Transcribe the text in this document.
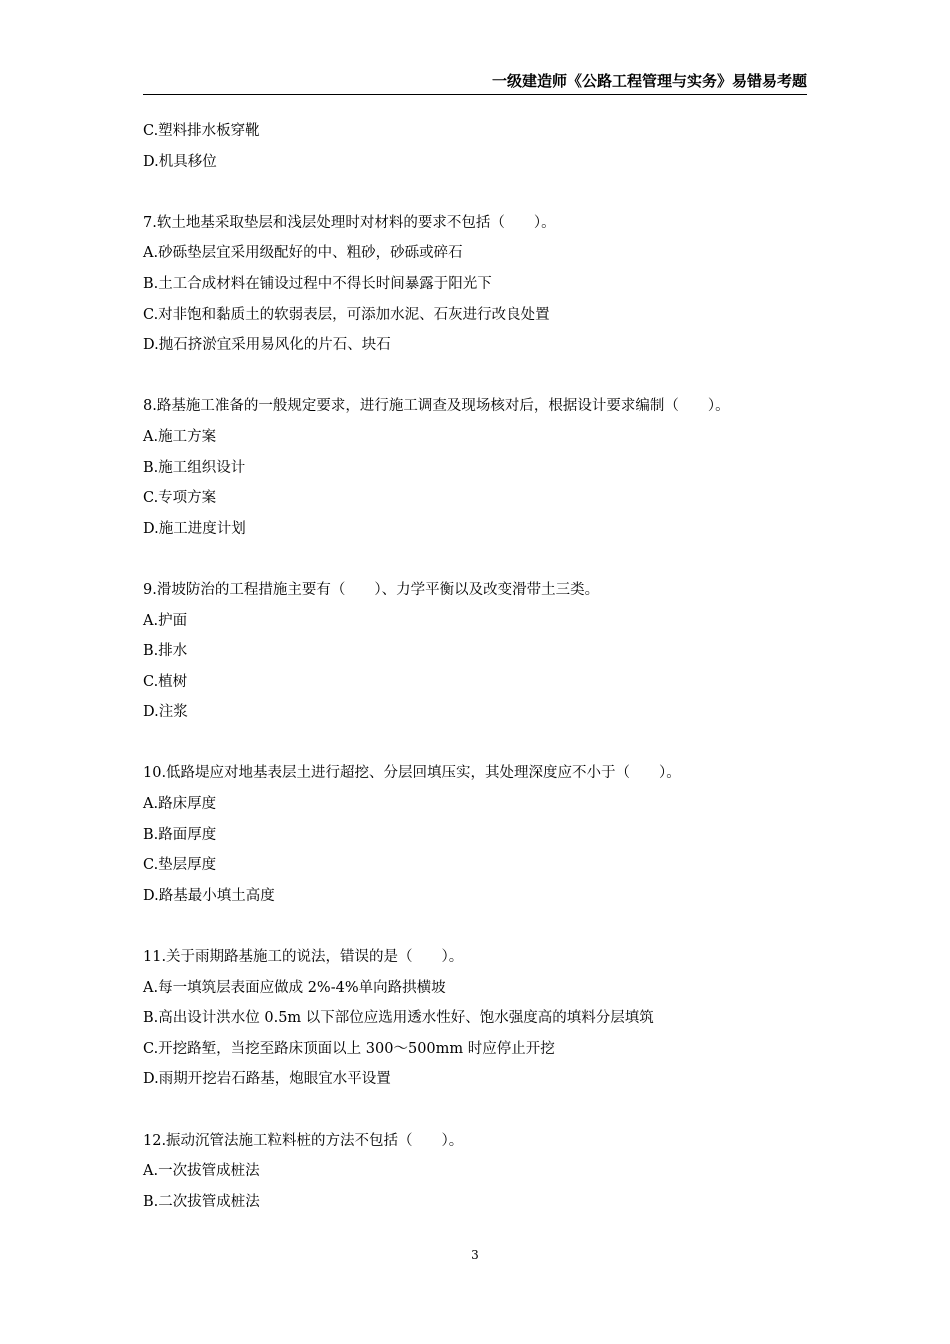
一级建造师《公路工程管理与实务》易错易考题
C.塑料排水板穿靴
D.机具移位
7.软土地基采取垫层和浅层处理时对材料的要求不包括（　　）。
A.砂砾垫层宜采用级配好的中、粗砂，砂砾或碎石
B.土工合成材料在铺设过程中不得长时间暴露于阳光下
C.对非饱和黏质土的软弱表层，可添加水泥、石灰进行改良处置
D.抛石挤淤宜采用易风化的片石、块石
8.路基施工准备的一般规定要求，进行施工调查及现场核对后，根据设计要求编制（　　）。
A.施工方案
B.施工组织设计
C.专项方案
D.施工进度计划
9.滑坡防治的工程措施主要有（　　）、力学平衡以及改变滑带土三类。
A.护面
B.排水
C.植树
D.注浆
10.低路堤应对地基表层土进行超挖、分层回填压实，其处理深度应不小于（　　）。
A.路床厚度
B.路面厚度
C.垫层厚度
D.路基最小填土高度
11.关于雨期路基施工的说法，错误的是（　　）。
A.每一填筑层表面应做成 2%-4%单向路拱横坡
B.高出设计洪水位 0.5m 以下部位应选用透水性好、饱水强度高的填料分层填筑
C.开挖路堑，当挖至路床顶面以上 300～500mm 时应停止开挖
D.雨期开挖岩石路基，炮眼宜水平设置
12.振动沉管法施工粒料桩的方法不包括（　　）。
A.一次拔管成桩法
B.二次拔管成桩法
3
